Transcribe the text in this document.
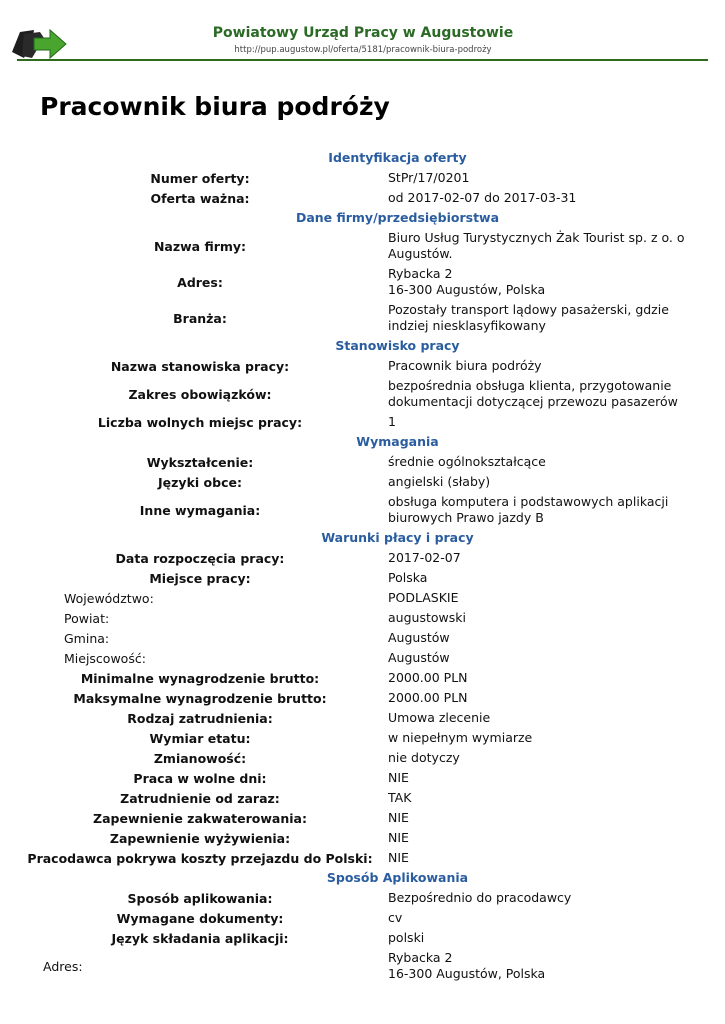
Powiatowy Urząd Pracy w Augustowie
http://pup.augustow.pl/oferta/5181/pracownik-biura-podroży
Pracownik biura podróży
Identyfikacja oferty
Numer oferty:	StPr/17/0201
Oferta ważna:	od 2017-02-07 do 2017-03-31
Dane firmy/przedsiębiorstwa
Nazwa firmy:
Biuro Usług Turystycznych Żak Tourist sp. z o. o
Augustów.
Adres:
Rybacka 2
16-300 Augustów, Polska
Branża:
Pozostały transport lądowy pasażerski, gdzie
indziej niesklasyfikowany
Stanowisko pracy
Nazwa stanowiska pracy:	Pracownik biura podróży
Zakres obowiązków:
bezpośrednia obsługa klienta, przygotowanie
dokumentacji dotyczącej przewozu pasazerów
Liczba wolnych miejsc pracy:	1
Wymagania
Wykształcenie:	średnie ogólnokształcące
Języki obce:	angielski (słaby)
Inne wymagania:
obsługa komputera i podstawowych aplikacji
biurowych Prawo jazdy B
Warunki płacy i pracy
Data rozpoczęcia pracy:	2017-02-07
Miejsce pracy:	Polska
Województwo:	PODLASKIE
Powiat:	augustowski
Gmina:	Augustów
Miejscowość:	Augustów
Minimalne wynagrodzenie brutto:	2000.00 PLN
Maksymalne wynagrodzenie brutto:	2000.00 PLN
Rodzaj zatrudnienia:	Umowa zlecenie
Wymiar etatu:	w niepełnym wymiarze
Zmianowość:	nie dotyczy
Praca w wolne dni:	NIE
Zatrudnienie od zaraz:	TAK
Zapewnienie zakwaterowania:	NIE
Zapewnienie wyżywienia:	NIE
Pracodawca pokrywa koszty przejazdu do Polski:	NIE
Sposób Aplikowania
Sposób aplikowania:	Bezpośrednio do pracodawcy
Wymagane dokumenty:	cv
Język składania aplikacji:	polski
Adres:
Rybacka 2
16-300 Augustów, Polska
